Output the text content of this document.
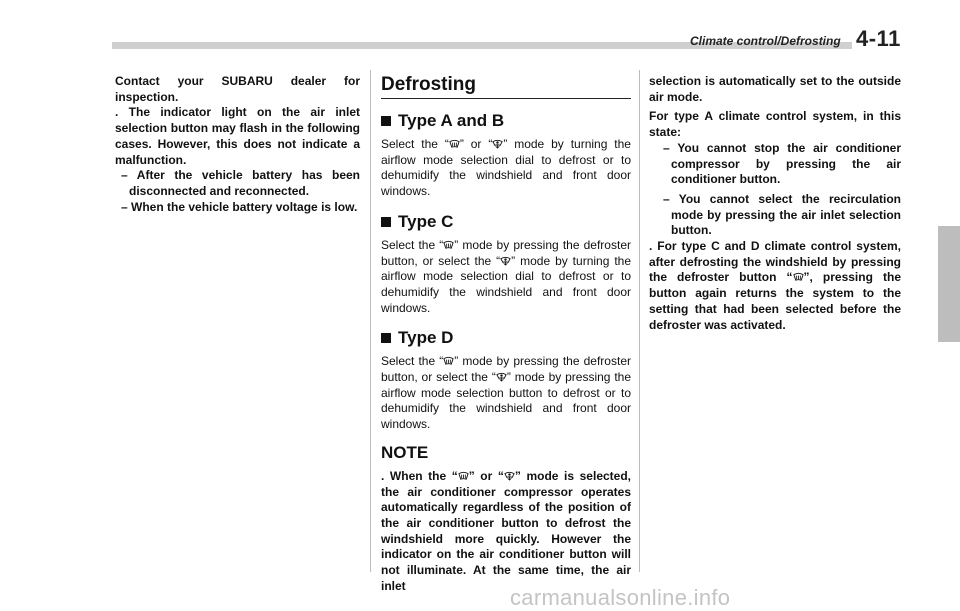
Climate control/Defrosting 4-11

Contact your SUBARU dealer for inspection.

. The indicator light on the air inlet selection button may flash in the following cases. However, this does not indicate a malfunction.

– After the vehicle battery has been disconnected and reconnected.

– When the vehicle battery voltage is low.

Defrosting
Type A and B

Select the “ ” or “ ” mode by turning the airflow mode selection dial to defrost or to dehumidify the windshield and front door windows.

Type C

Select the “ ” mode by pressing the defroster button, or select the “ ” mode by turning the airflow mode selection dial to defrost or to dehumidify the windshield and front door windows.

Type D

Select the “ ” mode by pressing the defroster button, or select the “ ” mode by pressing the airflow mode selection button to defrost or to dehumidify the windshield and front door windows.

NOTE

. When the “ ” or “ ” mode is selected, the air conditioner compressor operates automatically regardless of the position of the air conditioner button to defrost the windshield more quickly. However the indicator on the air conditioner button will not illuminate. At the same time, the air inlet

selection is automatically set to the outside air mode.

For type A climate control system, in this state:

– You cannot stop the air conditioner compressor by pressing the air conditioner button.

– You cannot select the recirculation mode by pressing the air inlet selection button.

. For type C and D climate control system, after defrosting the windshield by pressing the defroster button “ ”, pressing the button again returns the system to the setting that had been selected before the defroster was activated.

carmanualsonline.info
